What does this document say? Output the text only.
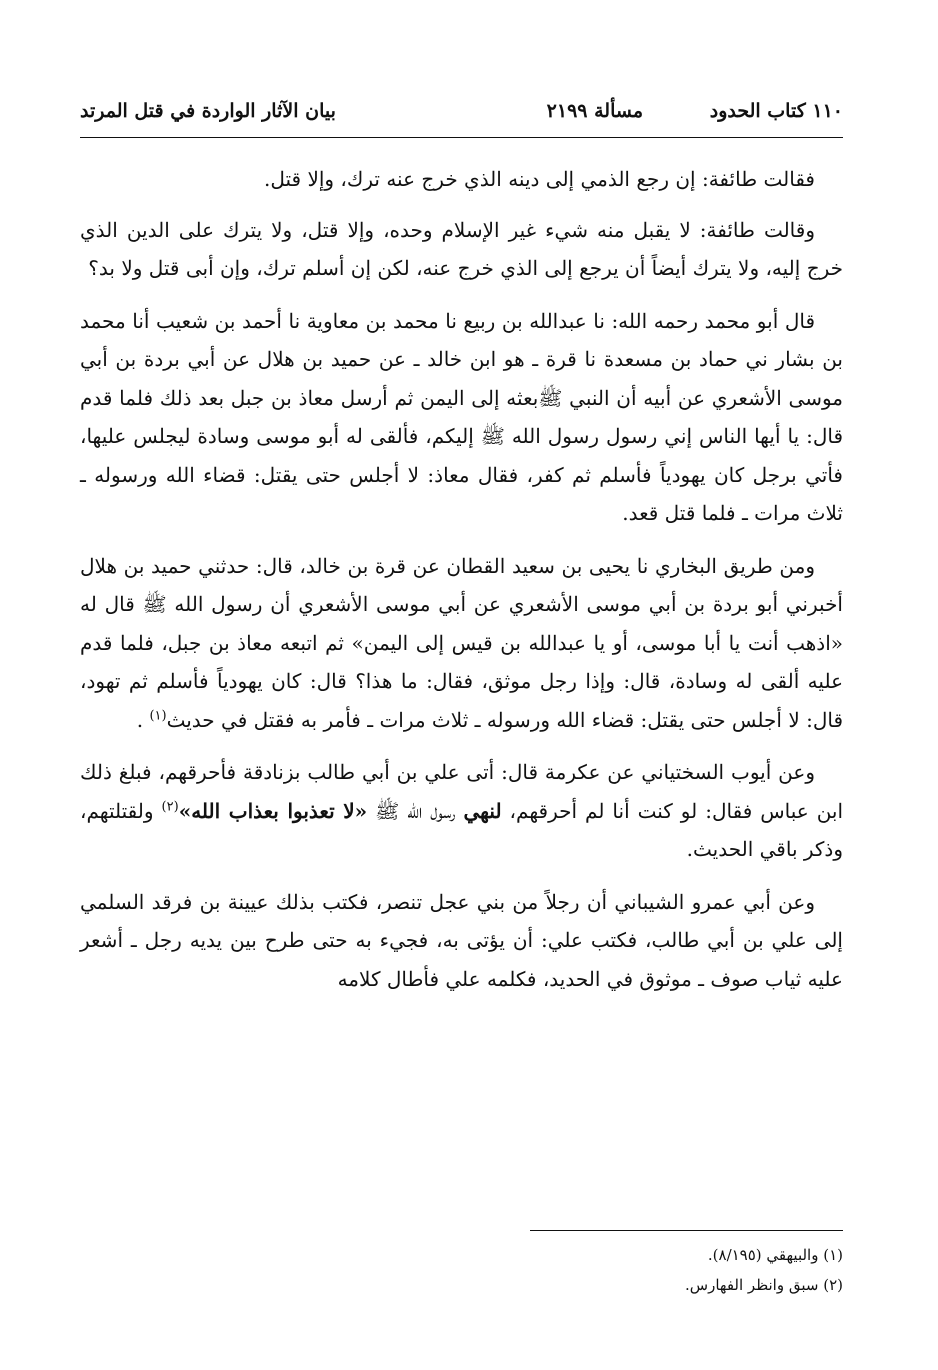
١١٠ كتاب الحدود
مسألة ٢١٩٩
بيان الآثار الواردة في قتل المرتد

فقالت طائفة: إن رجع الذمي إلى دينه الذي خرج عنه ترك، وإلا قتل.

وقالت طائفة: لا يقبل منه شيء غير الإسلام وحده، وإلا قتل، ولا يترك على الدين الذي خرج إليه، ولا يترك أيضاً أن يرجع إلى الذي خرج عنه، لكن إن أسلم ترك، وإن أبى قتل ولا بد؟

قال أبو محمد رحمه الله: نا عبدالله بن ربيع نا محمد بن معاوية نا أحمد بن شعيب أنا محمد بن بشار ني حماد بن مسعدة نا قرة ـ هو ابن خالد ـ عن حميد بن هلال عن أبي بردة بن أبي موسى الأشعري عن أبيه أن النبي ﷺبعثه إلى اليمن ثم أرسل معاذ بن جبل بعد ذلك فلما قدم قال: يا أيها الناس إني رسول رسول الله ﷺ إليكم، فألقى له أبو موسى وسادة ليجلس عليها، فأتي برجل كان يهودياً فأسلم ثم كفر، فقال معاذ: لا أجلس حتى يقتل: قضاء الله ورسوله ـ ثلاث مرات ـ فلما قتل قعد.

ومن طريق البخاري نا يحيى بن سعيد القطان عن قرة بن خالد، قال: حدثني حميد بن هلال أخبرني أبو بردة بن أبي موسى الأشعري عن أبي موسى الأشعري أن رسول الله ﷺ قال له «اذهب أنت يا أبا موسى، أو يا عبدالله بن قيس إلى اليمن» ثم اتبعه معاذ بن جبل، فلما قدم عليه ألقى له وسادة، قال: وإذا رجل موثق، فقال: ما هذا؟ قال: كان يهودياً فأسلم ثم تهود، قال: لا أجلس حتى يقتل: قضاء الله ورسوله ـ ثلاث مرات ـ فأمر به فقتل في حديث$^{(١)}$ .

وعن أيوب السختياني عن عكرمة قال: أتى علي بن أبي طالب بزنادقة فأحرقهم، فبلغ ذلك ابن عباس فقال: لو كنت أنا لم أحرقهم، لنهي رسول الله ﷺ «لا تعذبوا بعذاب الله»$^{(٢)}$ ولقتلتهم، وذكر باقي الحديث.

وعن أبي عمرو الشيباني أن رجلاً من بني عجل تنصر، فكتب بذلك عيينة بن فرقد السلمي إلى علي بن أبي طالب، فكتب علي: أن يؤتى به، فجيء به حتى طرح بين يديه رجل ـ أشعر عليه ثياب صوف ـ موثوق في الحديد، فكلمه علي فأطال كلامه

(١) والبيهقي (٨/١٩٥).
(٢) سبق وانظر الفهارس.
